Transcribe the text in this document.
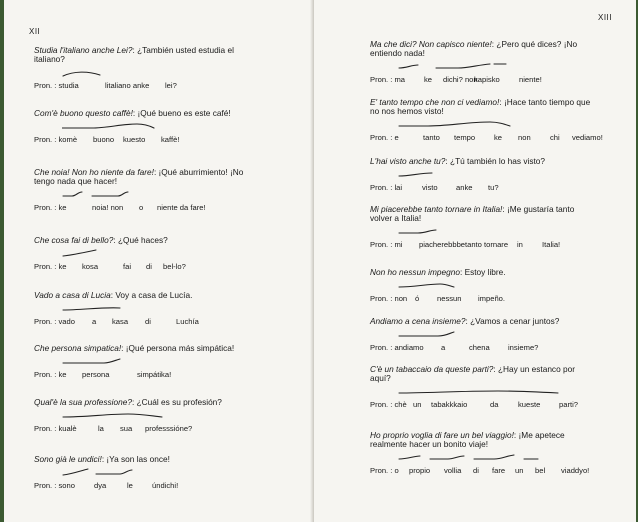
XII
Studia l'italiano anche Lei?: ¿También usted estudia el
italiano?
Pron. : studia	litaliano anke lei?
Com'è buono questo caffè!: ¡Qué bueno es este café!
Pron. : komè buono kuesto kaffè!
Che noia! Non ho niente da fare!: ¡Qué aburrimiento! ¡No
tengo nada que hacer!
Pron. : ke	noia! non o niente da fare!
Che cosa fai di bello?: ¿Qué haces?
Pron. : ke kosa	fai di bel-lo?
Vado a casa di Lucia: Voy a casa de Lucía.
Pron. : vado a kasa di	Luchía
Che persona simpatica!: ¡Qué persona más simpática!
Pron. : ke persona	simpátika!
Qual'è la sua professione?: ¿Cuál es su profesión?
Pron. : kualè	la sua professsióne?
Sono già le undici!: ¡Ya son las once!
Pron. : sono	dya	le	úndichi!
XIII
Ma che dici? Non capisco niente!: ¿Pero qué dices? ¡No
entiendo nada!
Pron. : ma ke dichi? non
kapisko	niente!
E' tanto tempo che non ci vediamo!: ¡Hace tanto tiempo que
no nos hemos visto!
Pron. : e	tanto tempo ke non	chi vediamo!
L'hai visto anche tu?: ¿Tú también lo has visto?
Pron. : lai	visto anke tu?
Mi piacerebbe tanto tornare in Italia!: ¡Me gustaría tanto
volver a Italia!
Pron. : mi piacherebbbe tanto tornare in	Italia!
Non ho nessun impegno: Estoy libre.
Pron. : non ó nessun impeño.
Andiamo a cena insieme?: ¿Vamos a cenar juntos?
Pron. : andiamo a	chena insieme?
C'è un tabaccaio da queste parti?: ¿Hay un estanco por
aquí?
Pron. : chè un tabakkkaio	da	kueste parti?
Ho proprio voglia di fare un bel viaggio!: ¡Me apetece
realmente hacer un bonito viaje!
Pron. : o propio vollia di fare un bel viaddyo!
